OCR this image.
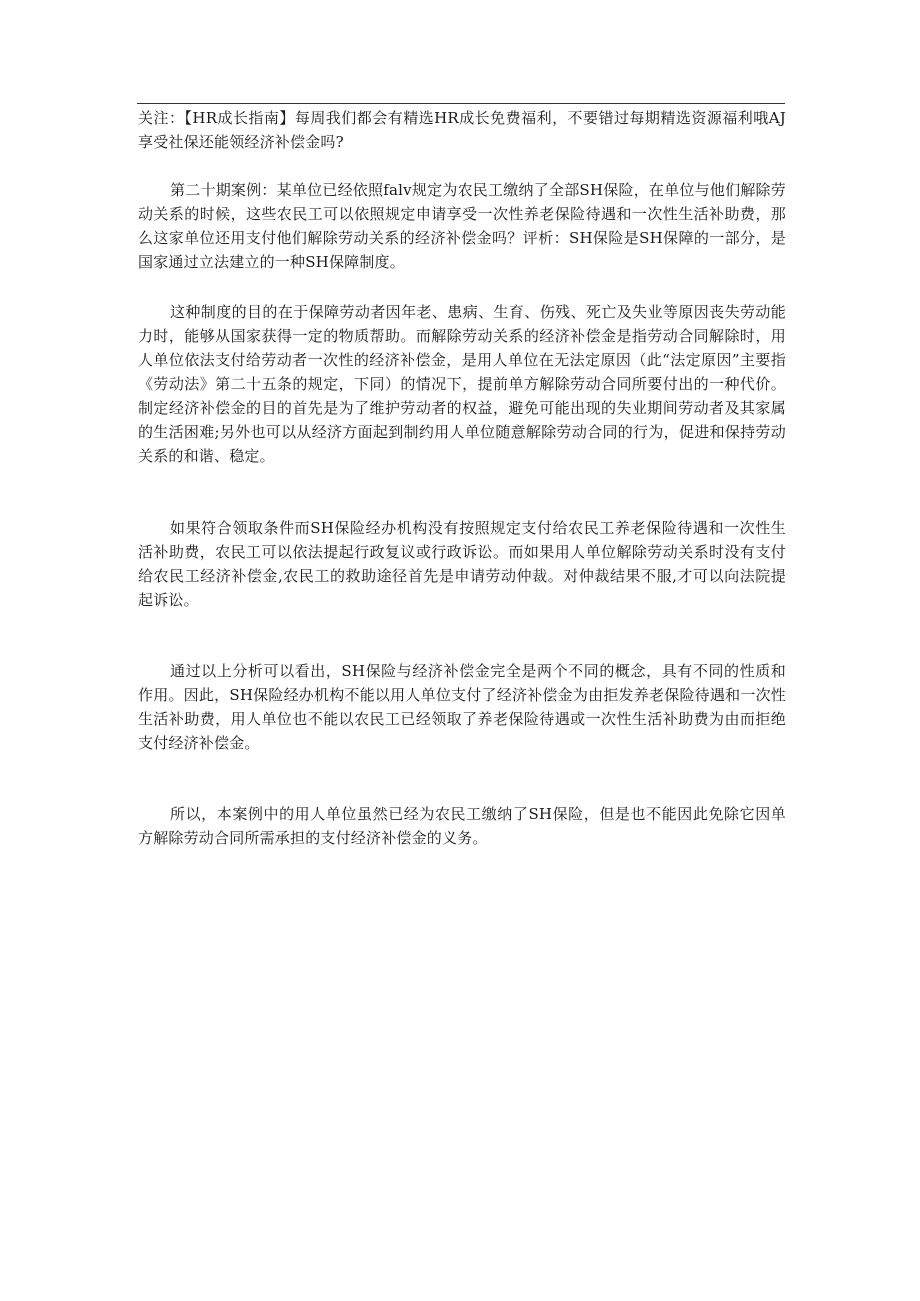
关注：【HR成长指南】每周我们都会有精选HR成长免费福利，不要错过每期精选资源福利哦AJ享受社保还能领经济补偿金吗?

第二十期案例：某单位已经依照falv规定为农民工缴纳了全部SH保险，在单位与他们解除劳动关系的时候，这些农民工可以依照规定申请享受一次性养老保险待遇和一次性生活补助费，那么这家单位还用支付他们解除劳动关系的经济补偿金吗？评析：SH保险是SH保障的一部分，是国家通过立法建立的一种SH保障制度。

这种制度的目的在于保障劳动者因年老、患病、生育、伤残、死亡及失业等原因丧失劳动能力时，能够从国家获得一定的物质帮助。而解除劳动关系的经济补偿金是指劳动合同解除时，用人单位依法支付给劳动者一次性的经济补偿金，是用人单位在无法定原因（此“法定原因”主要指《劳动法》第二十五条的规定，下同）的情况下，提前单方解除劳动合同所要付出的一种代价。制定经济补偿金的目的首先是为了维护劳动者的权益，避免可能出现的失业期间劳动者及其家属的生活困难;另外也可以从经济方面起到制约用人单位随意解除劳动合同的行为，促进和保持劳动关系的和谐、稳定。

如果符合领取条件而SH保险经办机构没有按照规定支付给农民工养老保险待遇和一次性生活补助费，农民工可以依法提起行政复议或行政诉讼。而如果用人单位解除劳动关系时没有支付给农民工经济补偿金,农民工的救助途径首先是申请劳动仲裁。对仲裁结果不服,才可以向法院提起诉讼。

通过以上分析可以看出，SH保险与经济补偿金完全是两个不同的概念，具有不同的性质和作用。因此，SH保险经办机构不能以用人单位支付了经济补偿金为由拒发养老保险待遇和一次性生活补助费，用人单位也不能以农民工已经领取了养老保险待遇或一次性生活补助费为由而拒绝支付经济补偿金。

所以，本案例中的用人单位虽然已经为农民工缴纳了SH保险，但是也不能因此免除它因单方解除劳动合同所需承担的支付经济补偿金的义务。
